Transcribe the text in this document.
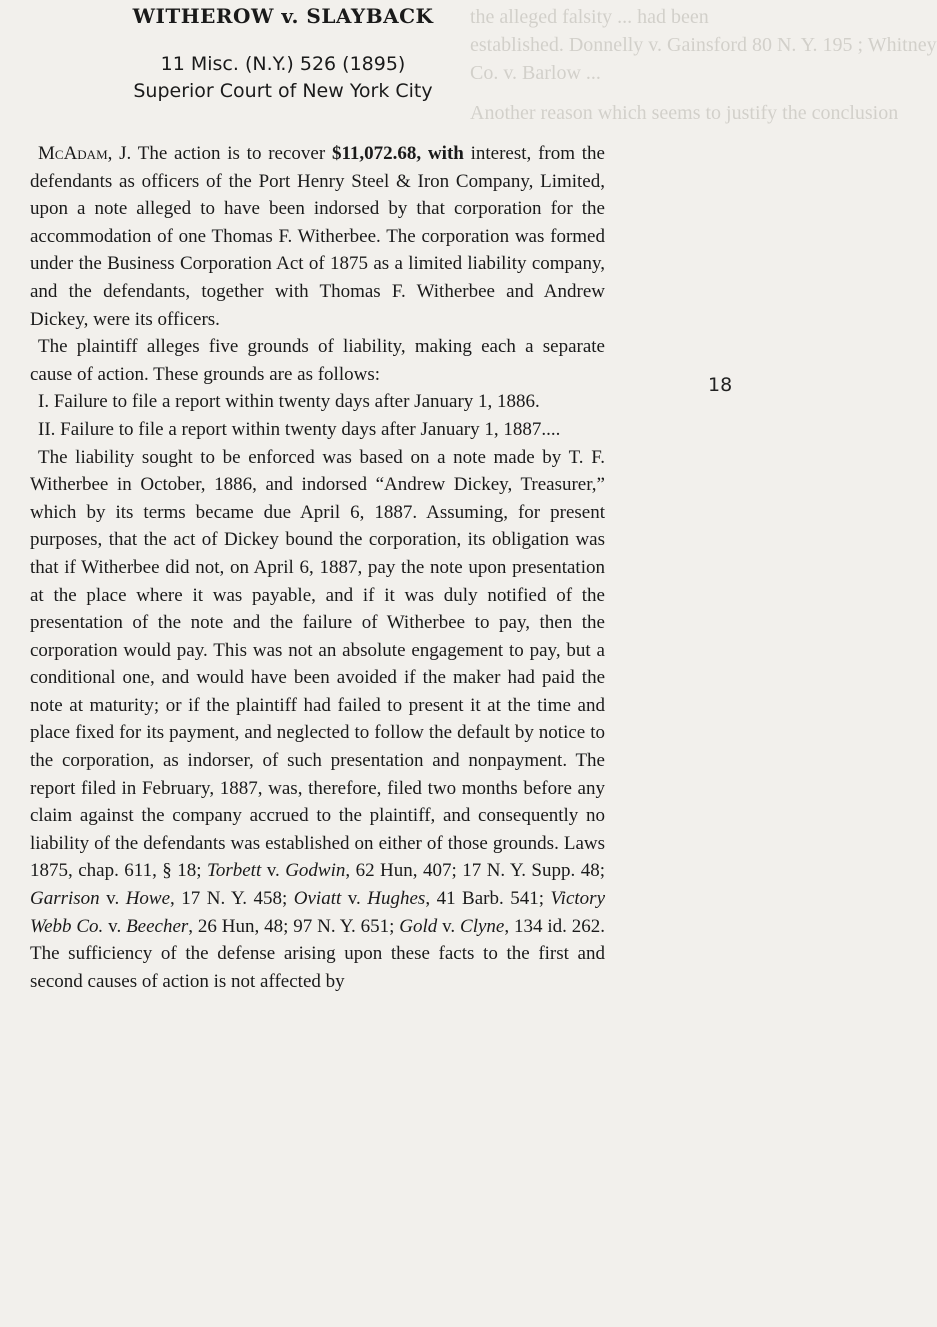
the alleged falsity ... had been
established. Donnelly v. Gainsford 80 N. Y. 195 ; Whitney
Co. v. Barlow ...
Another reason which seems to justify the conclusion
WITHEROW v. SLAYBACK
11 Misc. (N.Y.) 526 (1895)
Superior Court of New York City
18

McAdam, J. The action is to recover $11,072.68, with interest, from the defendants as officers of the Port Henry Steel & Iron Company, Limited, upon a note alleged to have been indorsed by that corporation for the accommodation of one Thomas F. Witherbee. The corporation was formed under the Business Corporation Act of 1875 as a limited liability company, and the defendants, together with Thomas F. Witherbee and Andrew Dickey, were its officers.

The plaintiff alleges five grounds of liability, making each a separate cause of action. These grounds are as follows:

I. Failure to file a report within twenty days after January 1, 1886.

II. Failure to file a report within twenty days after January 1, 1887....

The liability sought to be enforced was based on a note made by T. F. Witherbee in October, 1886, and indorsed “Andrew Dickey, Treasurer,” which by its terms became due April 6, 1887. Assuming, for present purposes, that the act of Dickey bound the corporation, its obligation was that if Witherbee did not, on April 6, 1887, pay the note upon presentation at the place where it was payable, and if it was duly notified of the presentation of the note and the failure of Witherbee to pay, then the corporation would pay. This was not an absolute engagement to pay, but a conditional one, and would have been avoided if the maker had paid the note at maturity; or if the plaintiff had failed to present it at the time and place fixed for its payment, and neglected to follow the default by notice to the corporation, as indorser, of such presentation and nonpayment. The report filed in February, 1887, was, therefore, filed two months before any claim against the company accrued to the plaintiff, and consequently no liability of the defendants was established on either of those grounds. Laws 1875, chap. 611, § 18; Torbett v. Godwin, 62 Hun, 407; 17 N. Y. Supp. 48; Garrison v. Howe, 17 N. Y. 458; Oviatt v. Hughes, 41 Barb. 541; Victory Webb Co. v. Beecher, 26 Hun, 48; 97 N. Y. 651; Gold v. Clyne, 134 id. 262. The sufficiency of the defense arising upon these facts to the first and second causes of action is not affected by
